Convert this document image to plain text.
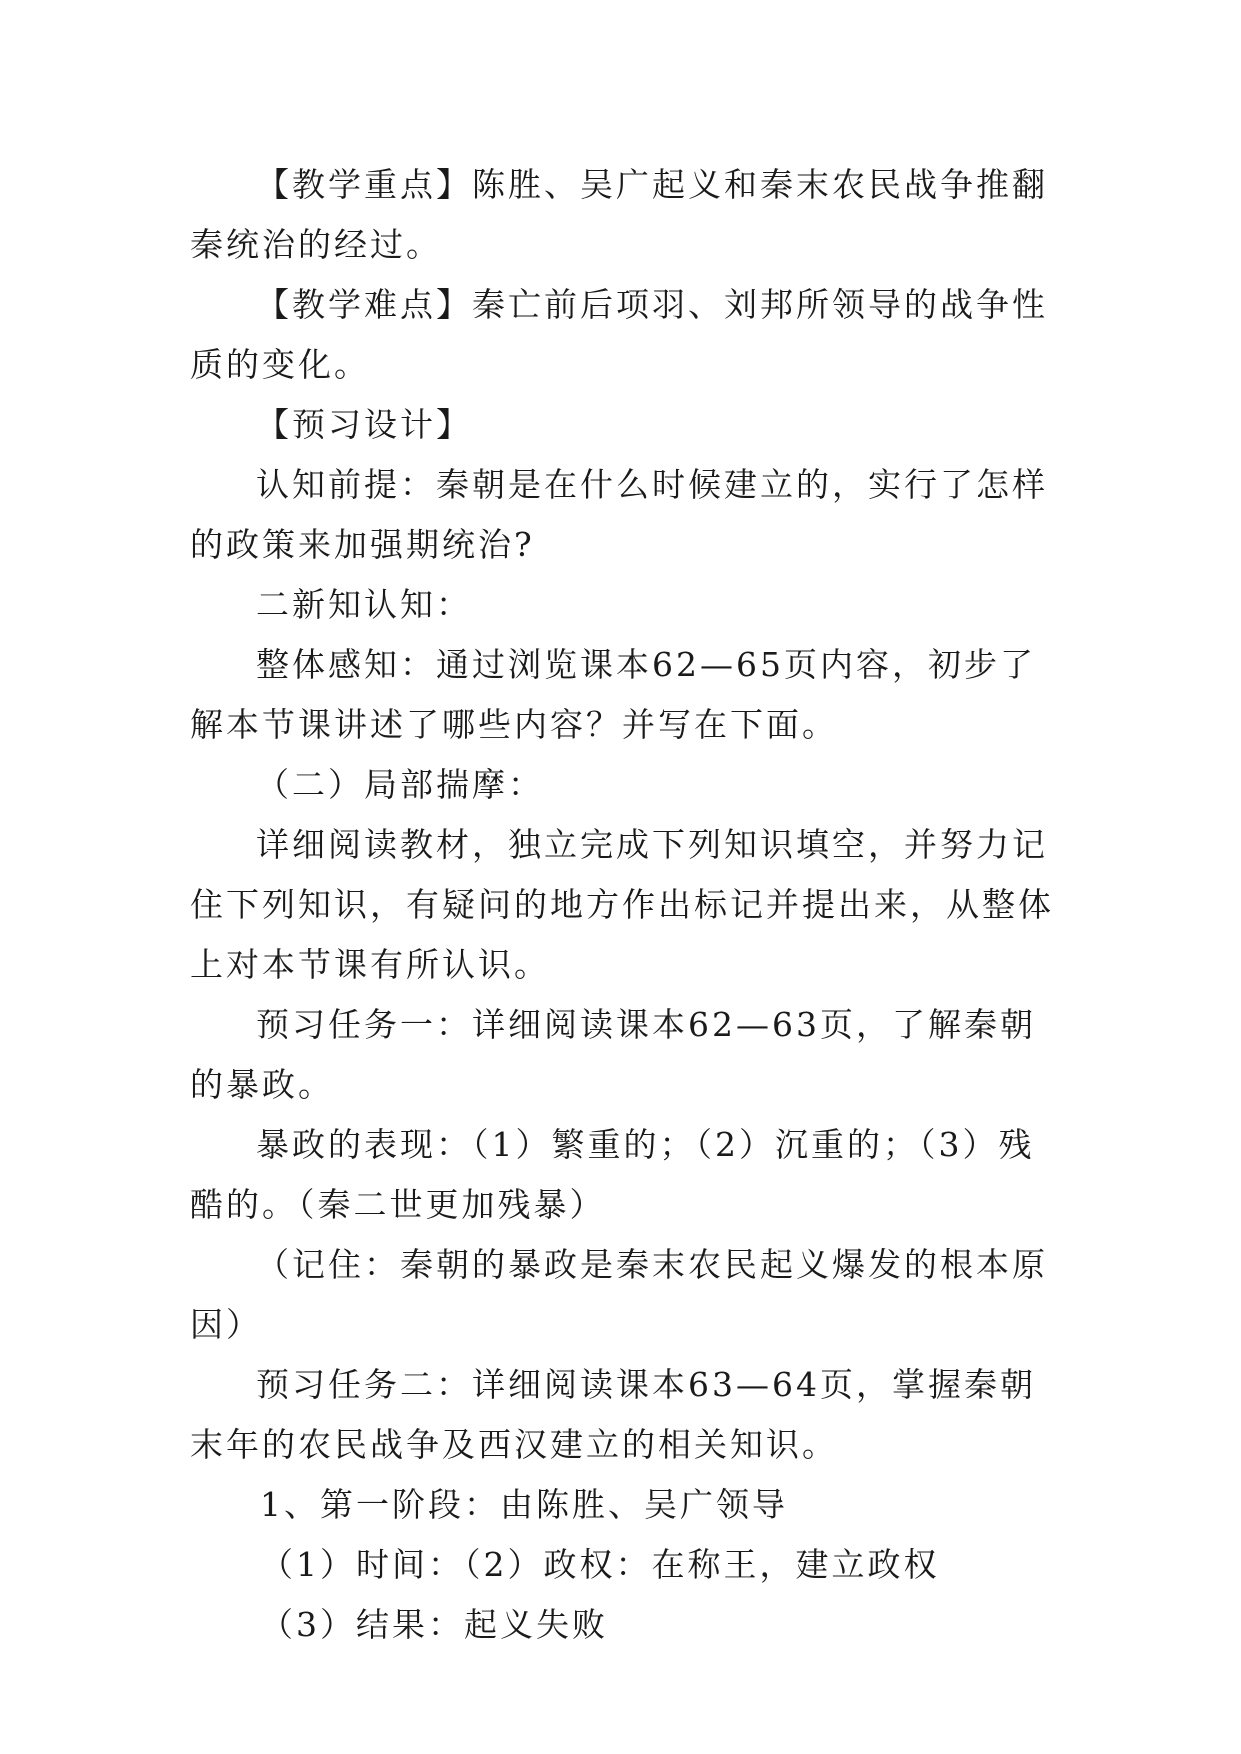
【教学重点】陈胜、吴广起义和秦末农民战争推翻秦统治的经过。

【教学难点】秦亡前后项羽、刘邦所领导的战争性质的变化。

【预习设计】

认知前提：秦朝是在什么时候建立的，实行了怎样的政策来加强期统治?

二新知认知：

整体感知：通过浏览课本62—65页内容，初步了解本节课讲述了哪些内容？并写在下面。

（二）局部揣摩：

详细阅读教材，独立完成下列知识填空，并努力记住下列知识，有疑问的地方作出标记并提出来，从整体上对本节课有所认识。

预习任务一：详细阅读课本62—63页，了解秦朝的暴政。

暴政的表现：（1）繁重的；（2）沉重的；（3）残酷的。（秦二世更加残暴）

（记住：秦朝的暴政是秦末农民起义爆发的根本原因）

预习任务二：详细阅读课本63—64页，掌握秦朝末年的农民战争及西汉建立的相关知识。

1、第一阶段：由陈胜、吴广领导

（1）时间：（2）政权：在称王，建立政权

（3）结果：起义失败
